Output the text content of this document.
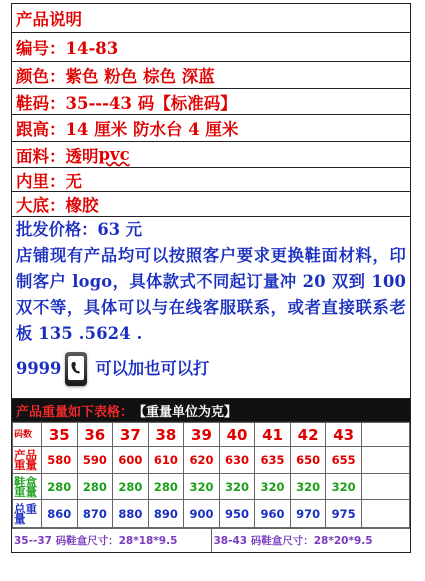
产品说明
编号：14-83
颜色：紫色 粉色 棕色 深蓝
鞋码：35---43 码【标准码】
跟高：14 厘米 防水台 4 厘米
面料：透明 pvc
内里：无
大底：橡胶
批发价格：63 元
店铺现有产品均可以按照客户要求更换鞋面材料，印制客户 logo，具体款式不同起订量冲 20 双到 100 双不等，具体可以与在线客服联系，或者直接联系老板 135 .5624 .
9999 可以加也可以打
产品重量如下表格： 【重量单位为克】
码数	35	36	37	38	39	40	41	42	43		
产品重量	580	590	600	610	620	630	635	650	655		
鞋盒重量	280	280	280	280	320	320	320	320	320		
总重量	860	870	880	890	900	950	960	970	975		
35--37 码鞋盒尺寸：28*18*9.5	38-43 码鞋盒尺寸：28*20*9.5
